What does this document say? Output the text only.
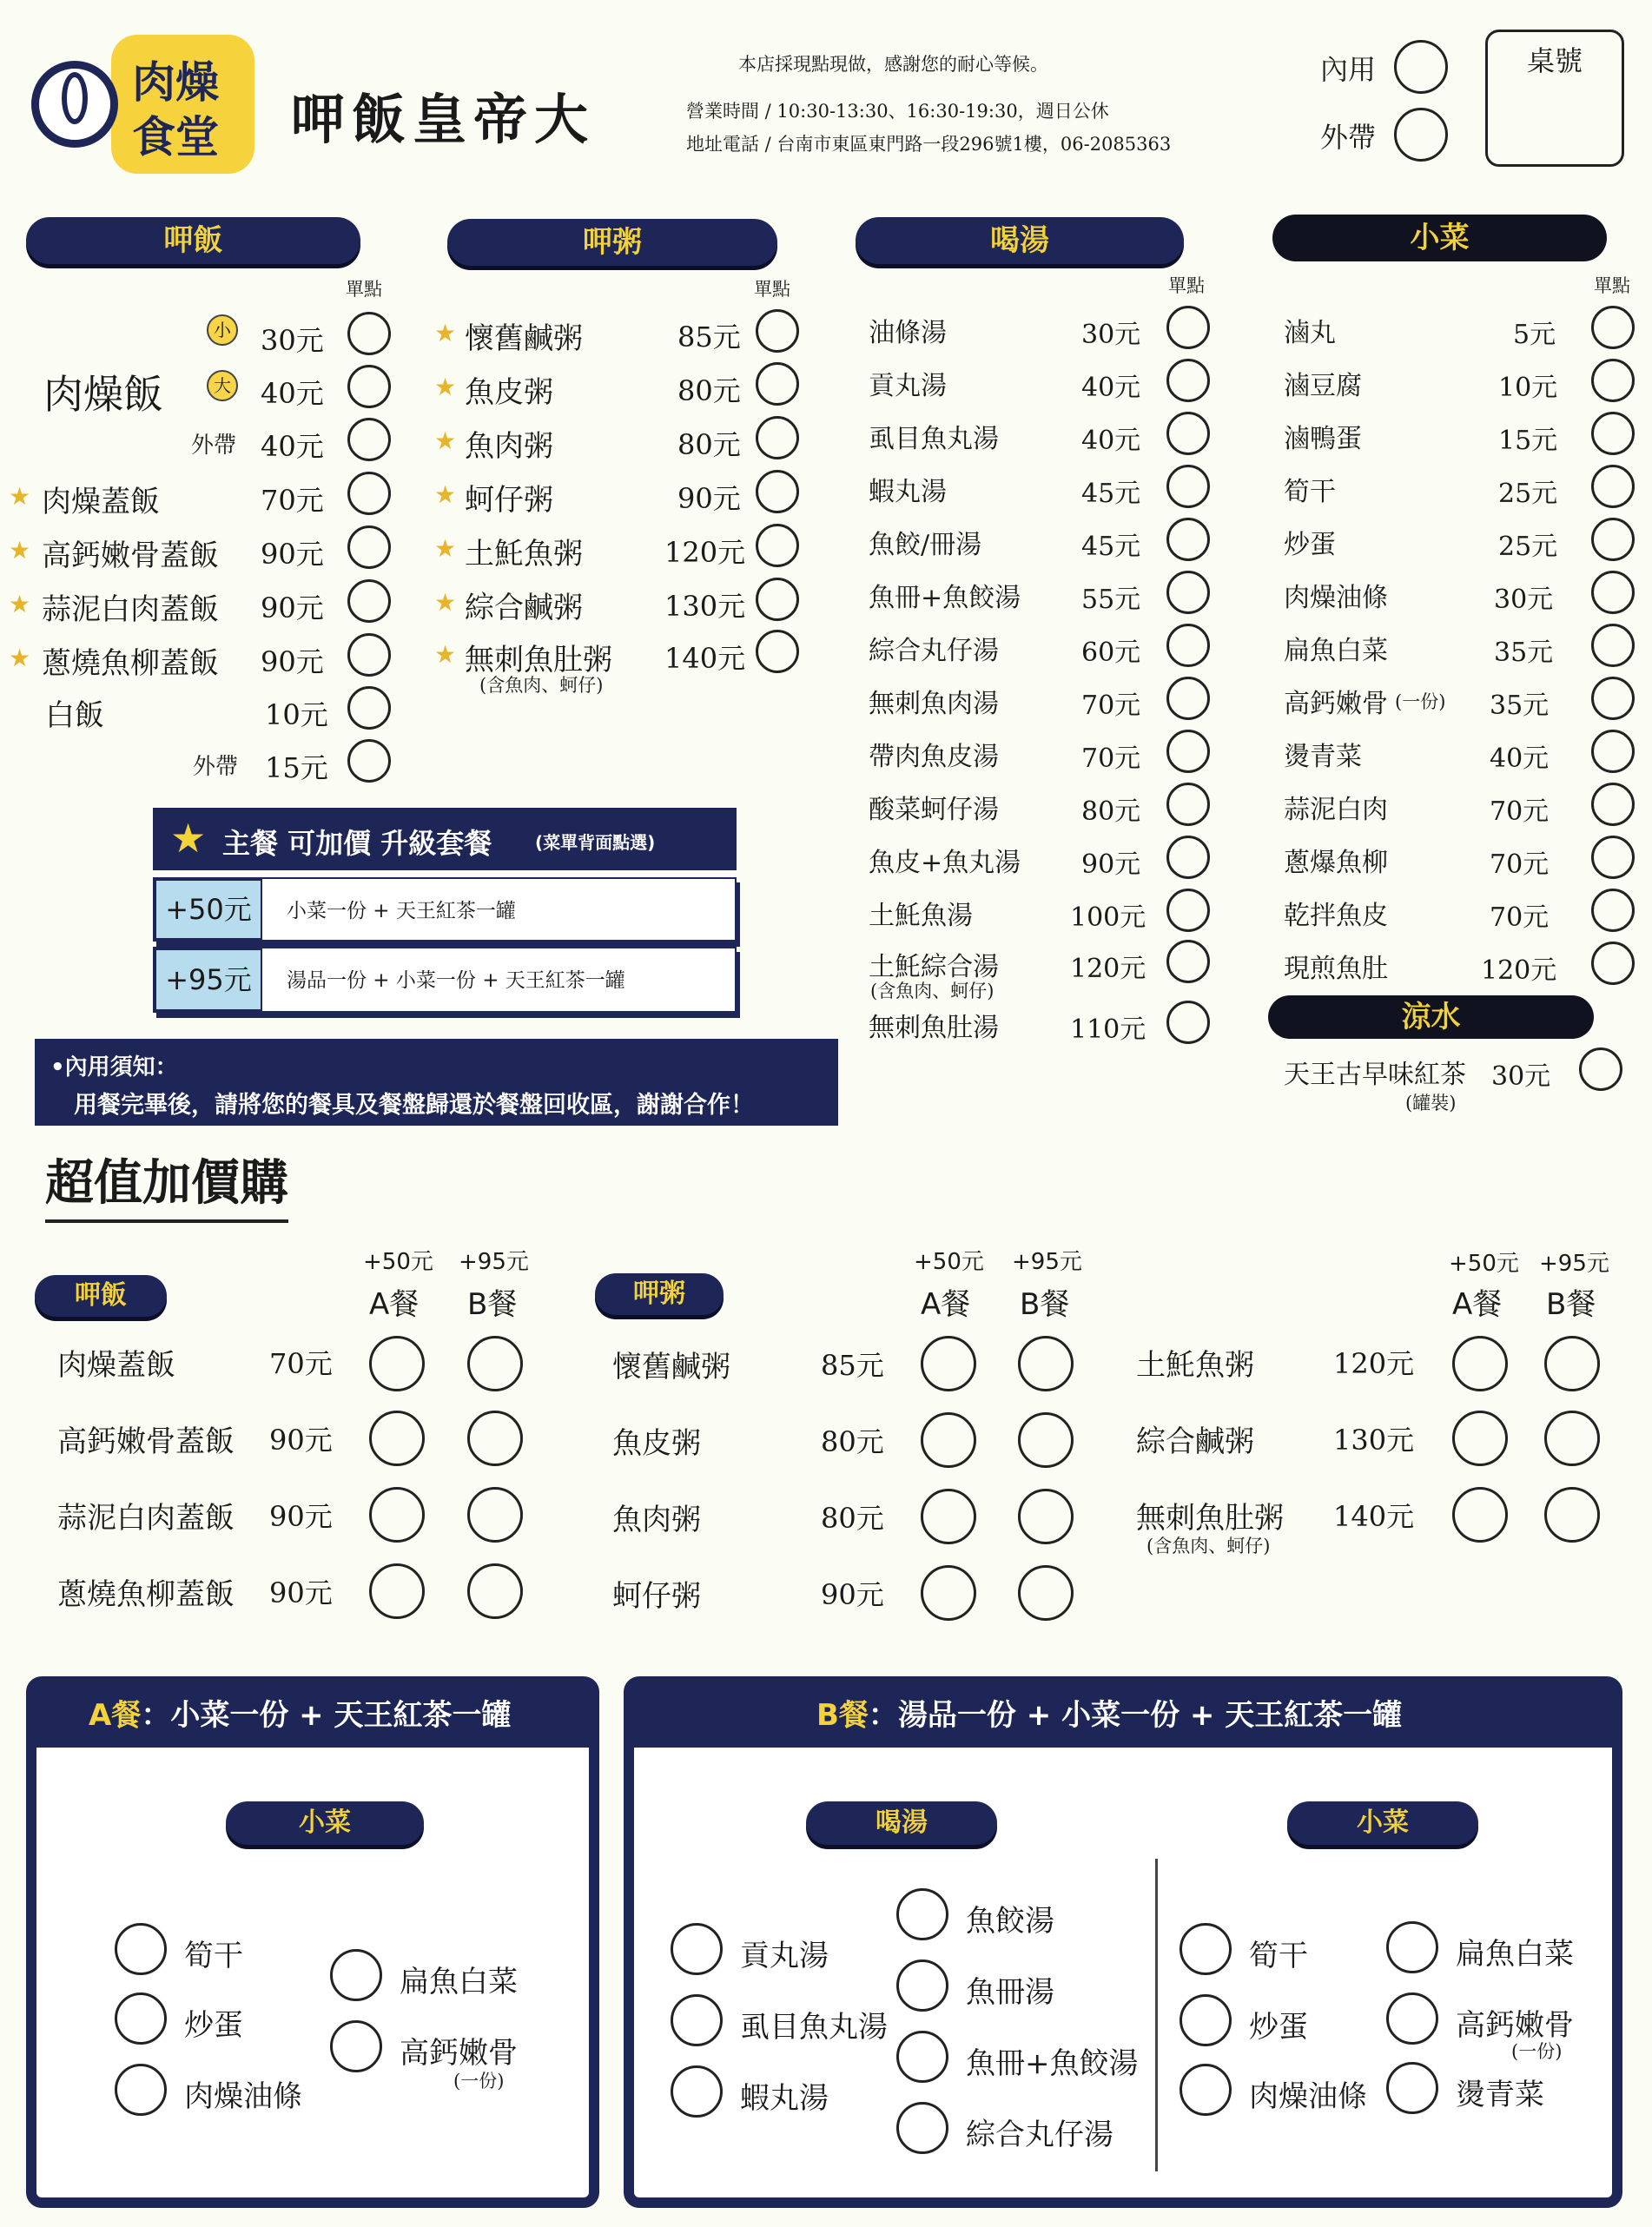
肉燥
食堂 呷飯皇帝大
本店採現點現做，感謝您的耐心等候。
營業時間 / 10:30-13:30、16:30-19:30，週日公休
地址電話 / 台南市東區東門路一段296號1樓，06-2085363
內用
外帶
桌號
呷飯
單點
肉燥飯
小 30元
大 40元
外帶 40元
★ 肉燥蓋飯	70元
★ 高鈣嫩骨蓋飯 90元
★ 蒜泥白肉蓋飯 90元
★ 蔥燒魚柳蓋飯 90元
白飯	10元
外帶 15元
呷粥
單點
★ 懷舊鹹粥	85元
★ 魚皮粥	80元
★ 魚肉粥	80元
★ 蚵仔粥	90元
★ 土魠魚粥	120元
★ 綜合鹹粥	130元
★ 無刺魚肚粥
(含魚肉、蚵仔)
140元
喝湯
單點
油條湯	30元
貢丸湯	40元
虱目魚丸湯	40元
蝦丸湯	45元
魚餃/冊湯	45元
魚冊+魚餃湯 55元
綜合丸仔湯	60元
無刺魚肉湯	70元
帶肉魚皮湯	70元
酸菜蚵仔湯	80元
魚皮+魚丸湯 90元
土魠魚湯	100元
土魠綜合湯
(含魚肉、蚵仔)
120元
無刺魚肚湯	110元
小菜
單點
滷丸	5元
滷豆腐	10元
滷鴨蛋	15元
筍干	25元
炒蛋	25元
肉燥油條	30元
扁魚白菜	35元
高鈣嫩骨 (一份) 35元
燙青菜	40元
蒜泥白肉	70元
蔥爆魚柳	70元
乾拌魚皮	70元
現煎魚肚	120元
涼水
天王古早味紅茶
(罐裝)
30元
★ 主餐 可加價 升級套餐 (菜單背面點選)
+50元	小菜一份 + 天王紅茶一罐
+95元	湯品一份 + 小菜一份 + 天王紅茶一罐
•內用須知：
用餐完畢後，請將您的餐具及餐盤歸還於餐盤回收區，謝謝合作！
超值加價購
呷飯
+50元 +95元
A餐 B餐
肉燥蓋飯	70元
高鈣嫩骨蓋飯 90元
蒜泥白肉蓋飯 90元
蔥燒魚柳蓋飯 90元
呷粥
+50元 +95元
A餐 B餐
懷舊鹹粥	85元
魚皮粥	80元
魚肉粥	80元
蚵仔粥	90元
+50元 +95元
A餐 B餐
土魠魚粥	120元
綜合鹹粥	130元
無刺魚肚粥
(含魚肉、蚵仔)
140元
A餐：小菜一份 + 天王紅茶一罐
小菜
筍干
炒蛋
肉燥油條
扁魚白菜
高鈣嫩骨
(一份)
B餐：湯品一份 + 小菜一份 + 天王紅茶一罐
喝湯	小菜
貢丸湯
虱目魚丸湯
蝦丸湯
魚餃湯
魚冊湯
魚冊+魚餃湯
綜合丸仔湯
筍干
炒蛋
肉燥油條
扁魚白菜
高鈣嫩骨
(一份)
燙青菜
